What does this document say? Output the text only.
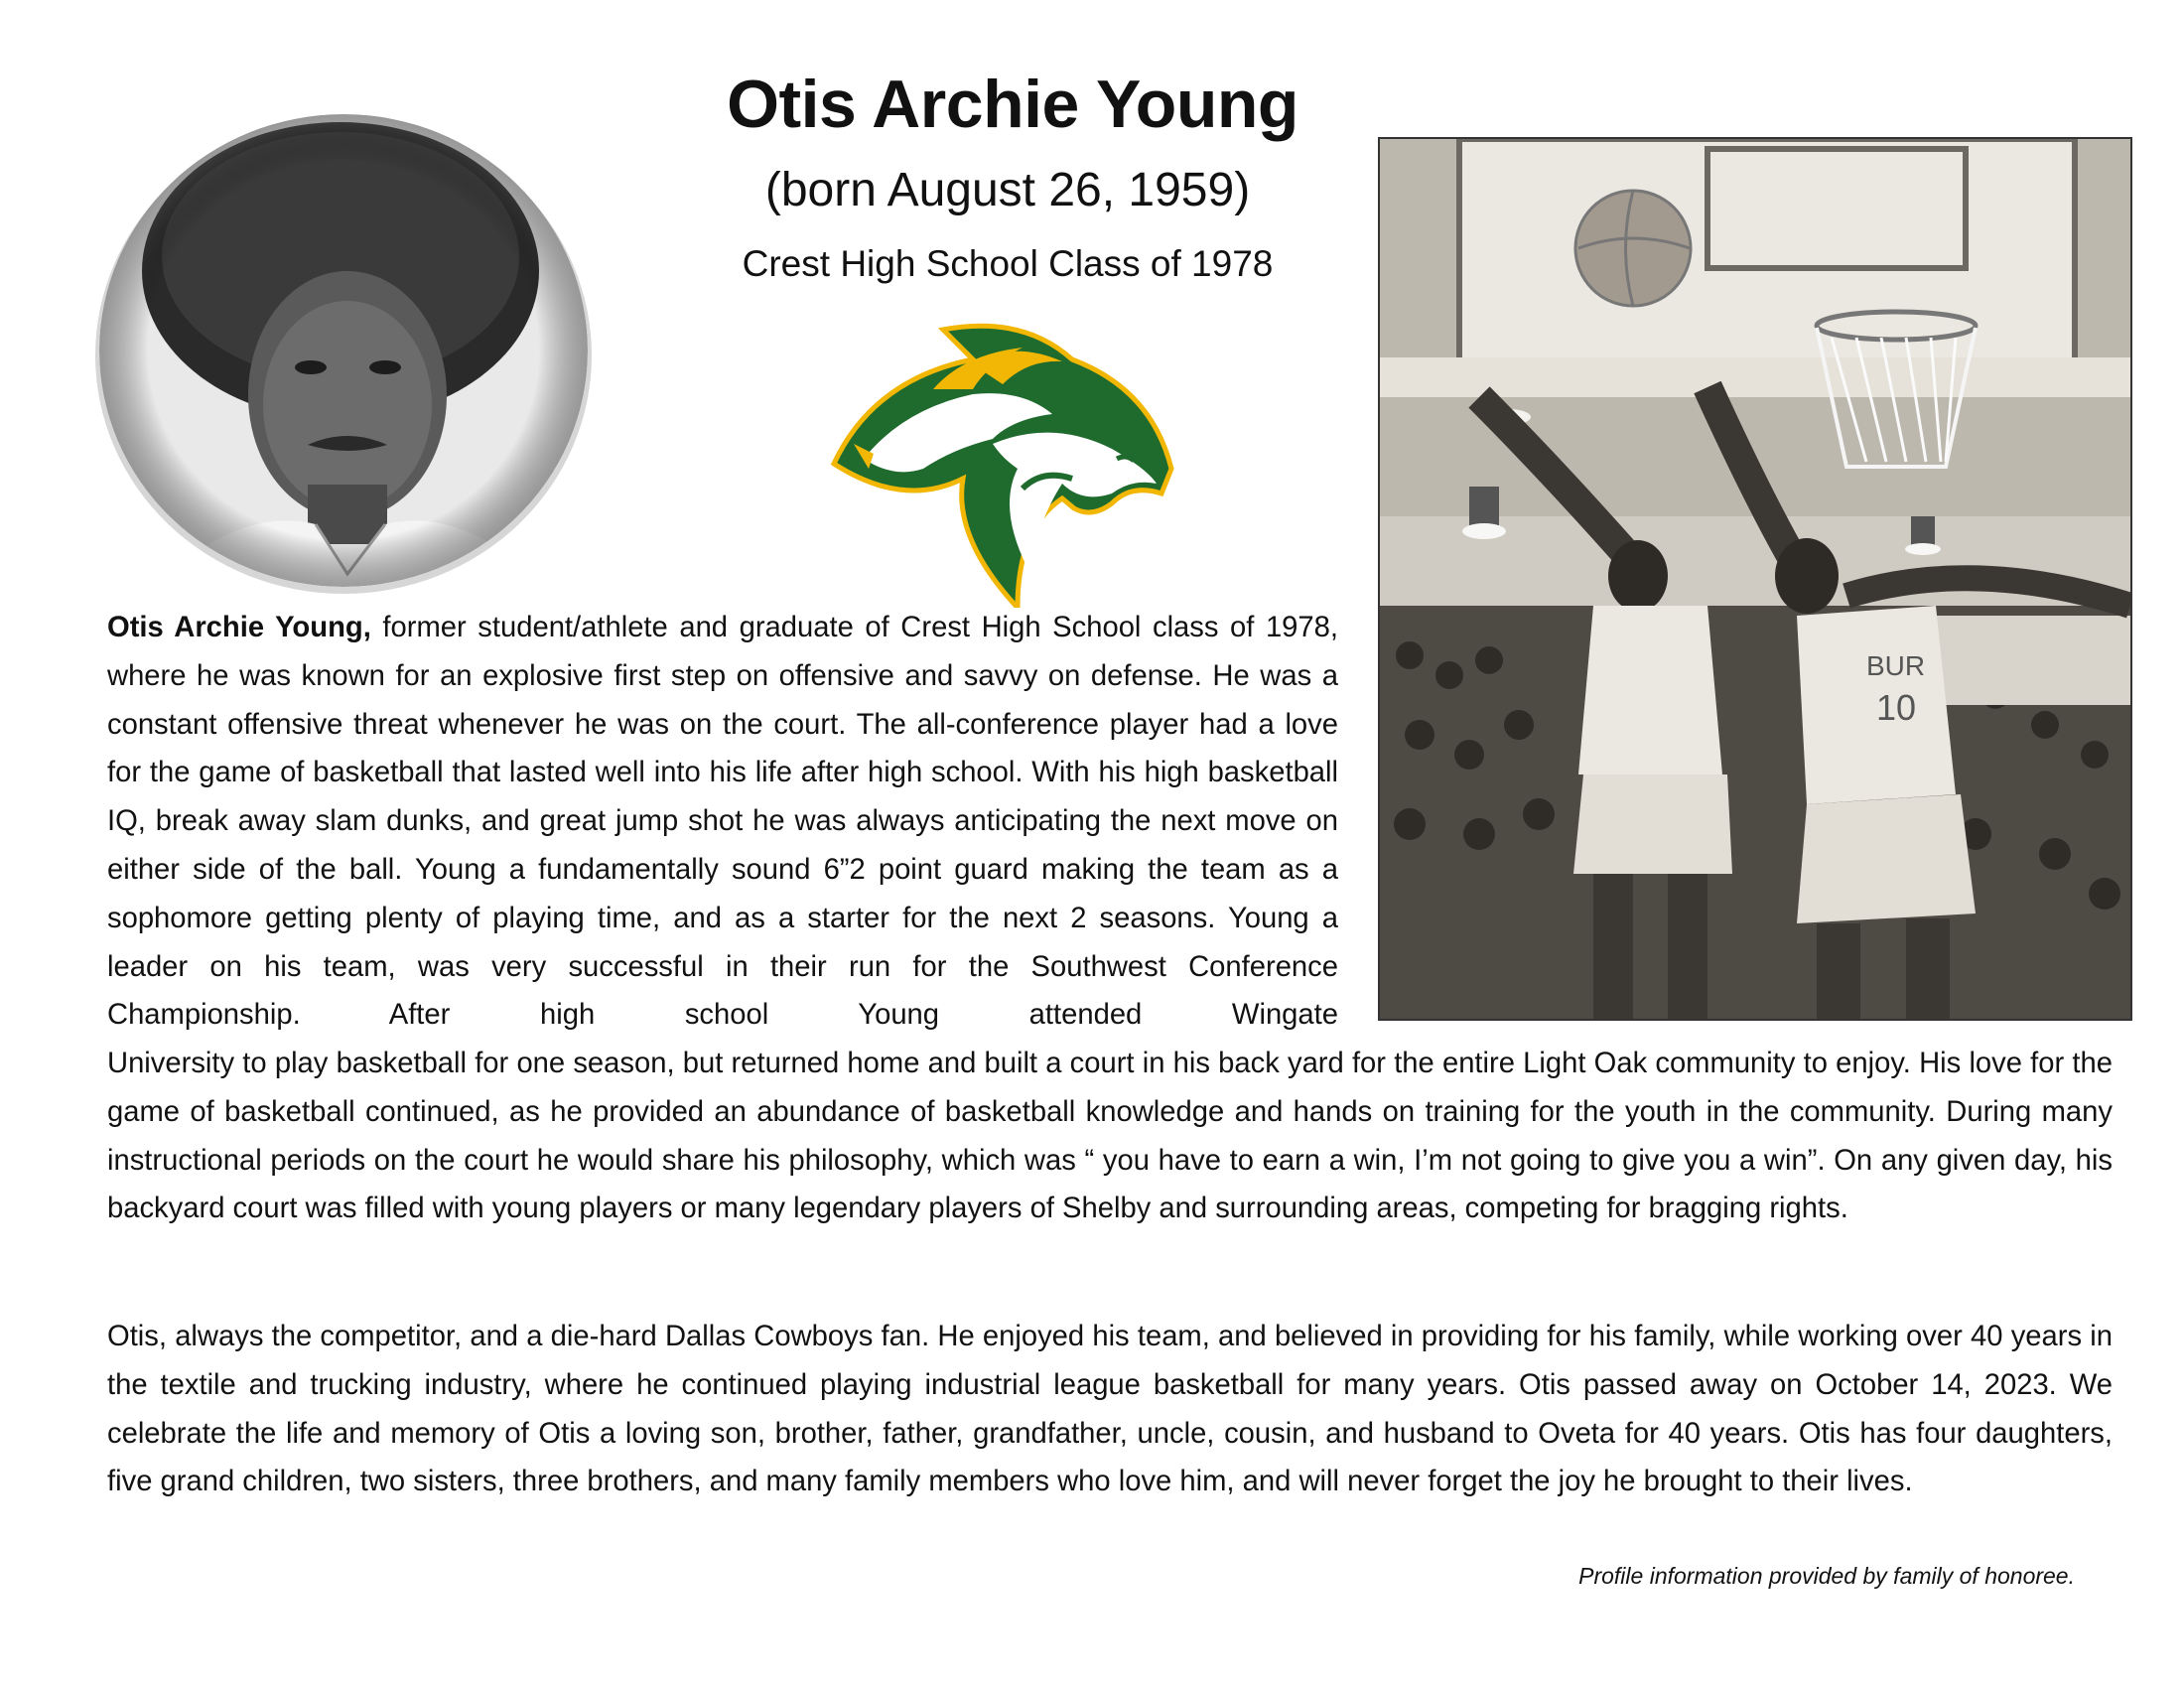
Otis Archie Young
(born August 26, 1959)
Crest High School Class of 1978
BUR
10
Otis Archie Young, former student/athlete and graduate of Crest High School class of 1978, where he was known for an explosive first step on offensive and savvy on defense. He was a constant offensive threat whenever he was on the court. The all-conference player had a love for the game of basketball that lasted well into his life after high school. With his high basketball IQ, break away slam dunks, and great jump shot he was always anticipating the next move on either side of the ball. Young a fundamentally sound 6”2 point guard making the team as a sophomore getting plenty of playing time, and as a starter for the next 2 seasons. Young a leader on his team, was very successful in their run for the Southwest Conference Championship. After high school Young attended Wingate
University to play basketball for one season, but returned home and built a court in his back yard for the entire Light Oak community to enjoy. His love for the game of basketball continued, as he provided an abundance of basketball knowledge and hands on training for the youth in the community. During many instructional periods on the court he would share his philosophy, which was “ you have to earn a win, I’m not going to give you a win”. On any given day, his backyard court was filled with young players or many legendary players of Shelby and surrounding areas, competing for bragging rights.
Otis, always the competitor, and a die-hard Dallas Cowboys fan. He enjoyed his team, and believed in providing for his family, while working over 40 years in the textile and trucking industry, where he continued playing industrial league basketball for many years. Otis passed away on October 14, 2023. We celebrate the life and memory of Otis a loving son, brother, father, grandfather, uncle, cousin, and husband to Oveta for 40 years. Otis has four daughters, five grand children, two sisters, three brothers, and many family members who love him, and will never forget the joy he brought to their lives.
Profile information provided by family of honoree.
